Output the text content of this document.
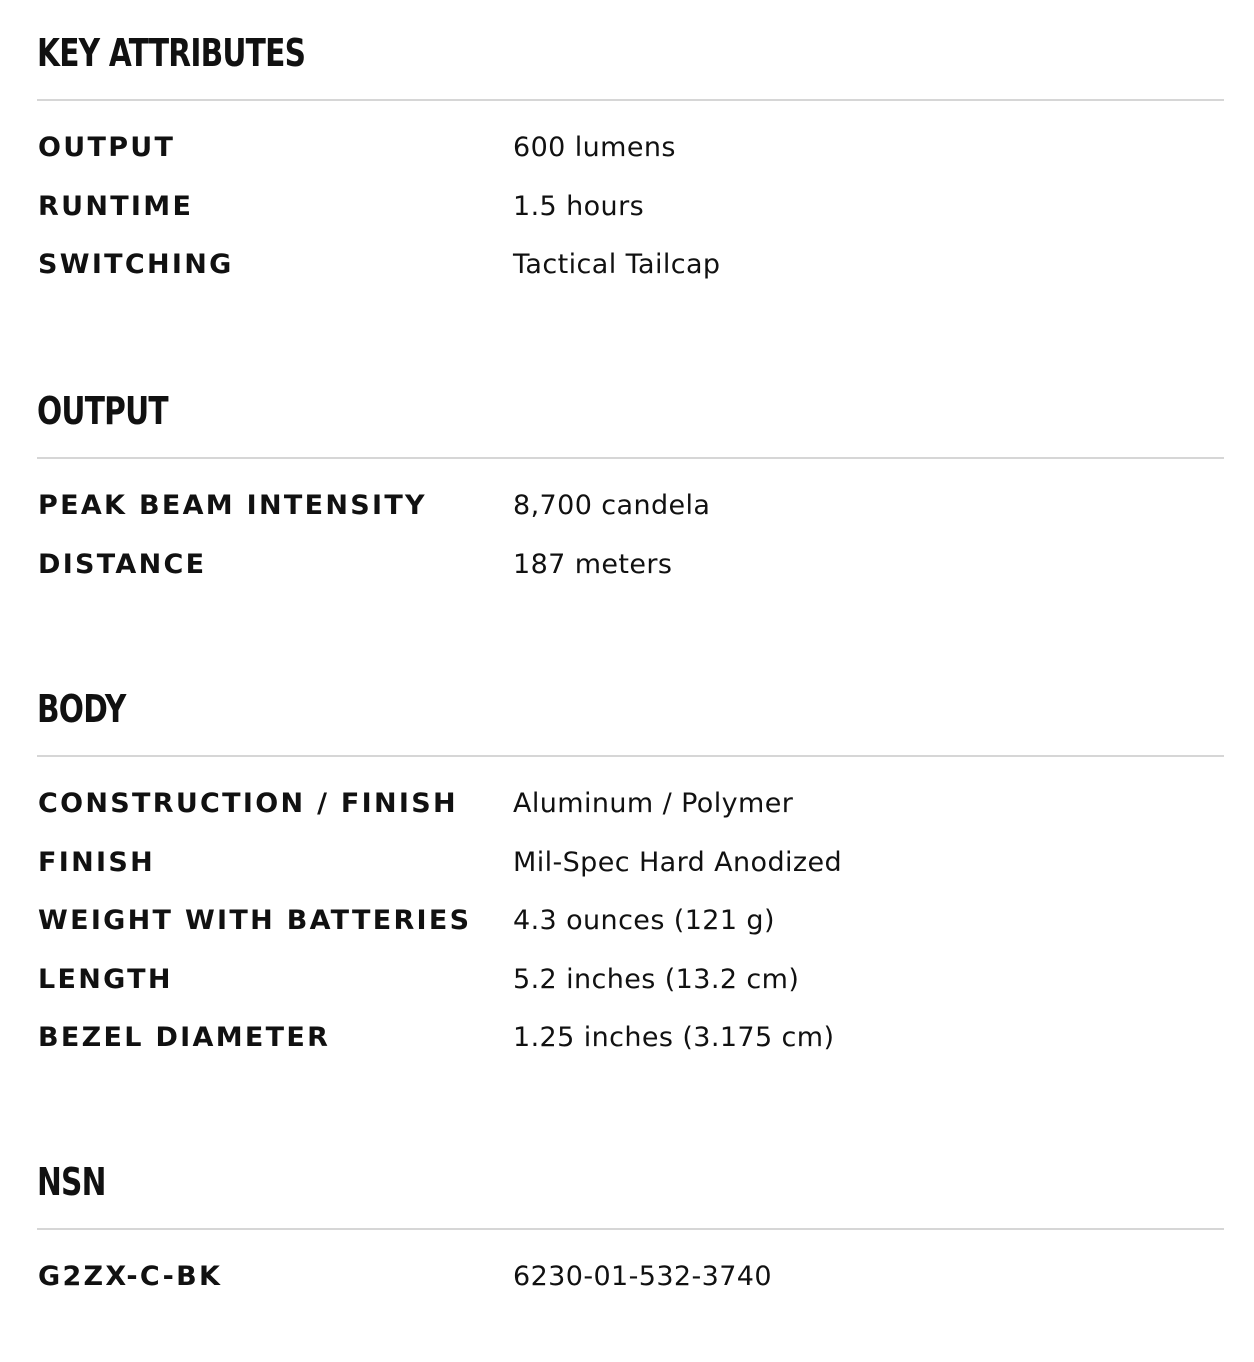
KEY ATTRIBUTES
OUTPUT	600 lumens
RUNTIME	1.5 hours
SWITCHING	Tactical Tailcap
OUTPUT
PEAK BEAM INTENSITY	8,700 candela
DISTANCE	187 meters
BODY
CONSTRUCTION / FINISH Aluminum / Polymer
FINISH	Mil-Spec Hard Anodized
WEIGHT WITH BATTERIES 4.3 ounces (121 g)
LENGTH	5.2 inches (13.2 cm)
BEZEL DIAMETER	1.25 inches (3.175 cm)
NSN
G2ZX-C-BK	6230-01-532-3740
